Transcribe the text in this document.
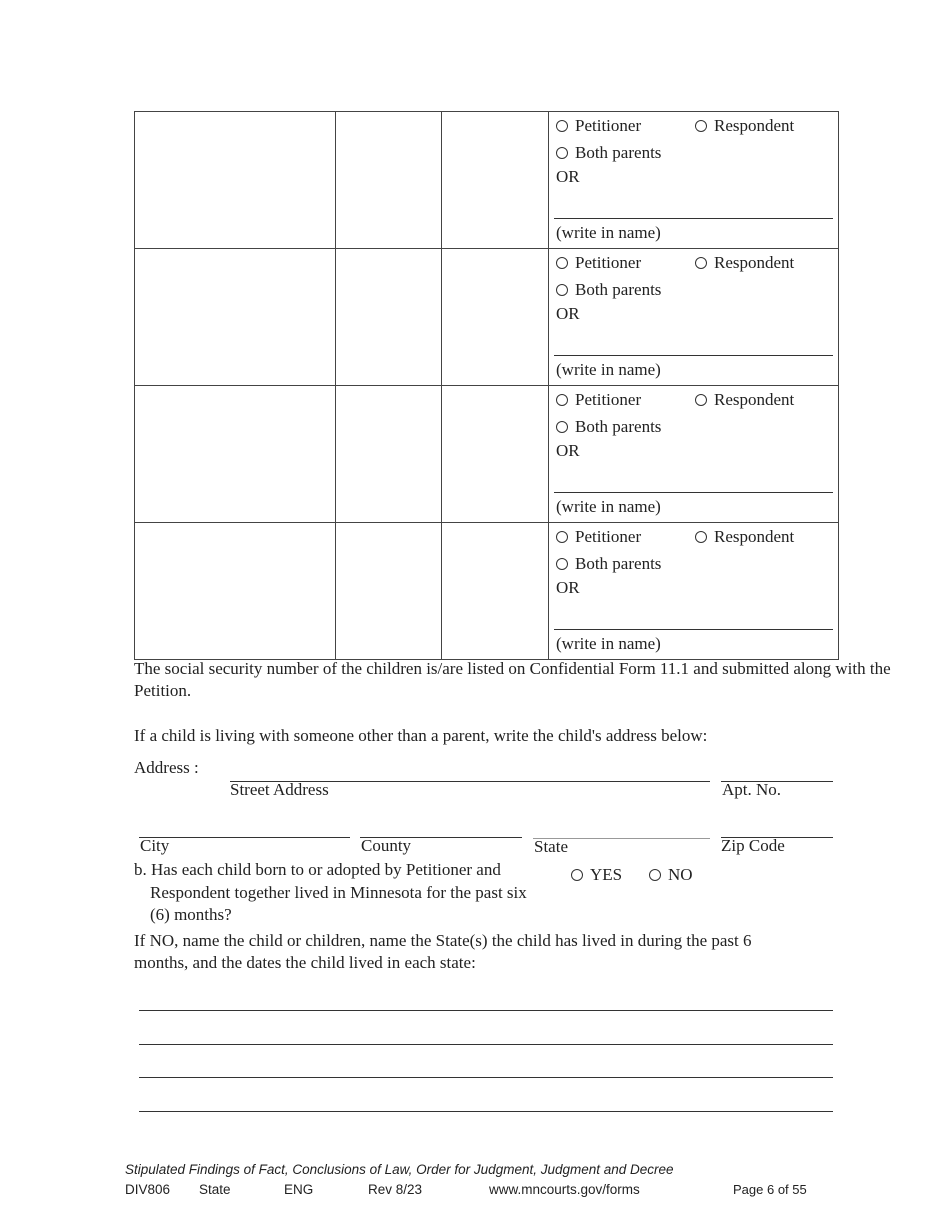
			Petitioner Respondent
Both parents
OR
(write in name)

			Petitioner Respondent
Both parents
OR
(write in name)

			Petitioner Respondent
Both parents
OR
(write in name)

			Petitioner Respondent
Both parents
OR
(write in name)
The social security number of the children is/are listed on Confidential Form 11.1 and submitted along with the Petition.
If a child is living with someone other than a parent, write the child's address below:
Address :
Street Address	Apt. No.
City	County	State	Zip Code
b. Has each child born to or adopted by Petitioner and
Respondent together lived in Minnesota for the past six
(6) months?
YES	NO
If NO, name the child or children, name the State(s) the child has lived in during the past 6
months, and the dates the child lived in each state:
Stipulated Findings of Fact, Conclusions of Law, Order for Judgment, Judgment and Decree
DIV806 State	ENG	Rev 8/23	www.mncourts.gov/forms	Page 6 of 55
